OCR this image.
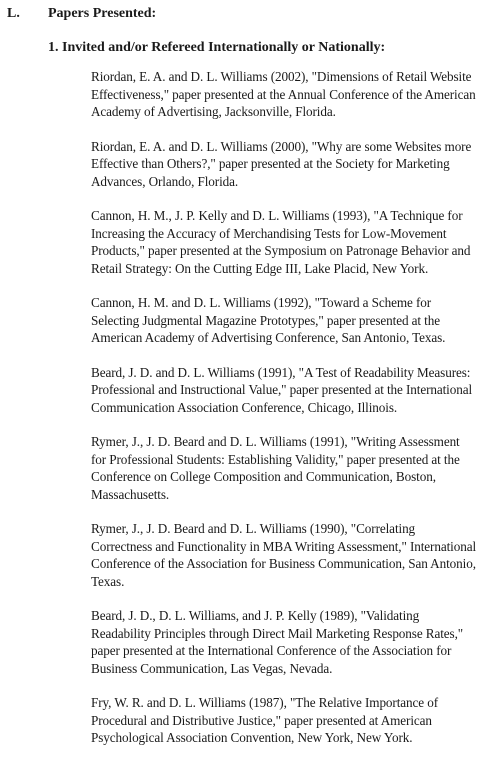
L. Papers Presented:
1. Invited and/or Refereed Internationally or Nationally:
Riordan, E. A. and D. L. Williams (2002), "Dimensions of Retail Website
Effectiveness," paper presented at the Annual Conference of the American
Academy of Advertising, Jacksonville, Florida.
Riordan, E. A. and D. L. Williams (2000), "Why are some Websites more
Effective than Others?," paper presented at the Society for Marketing
Advances, Orlando, Florida.
Cannon, H. M., J. P. Kelly and D. L. Williams (1993), "A Technique for
Increasing the Accuracy of Merchandising Tests for Low-Movement
Products," paper presented at the Symposium on Patronage Behavior and
Retail Strategy: On the Cutting Edge III, Lake Placid, New York.
Cannon, H. M. and D. L. Williams (1992), "Toward a Scheme for
Selecting Judgmental Magazine Prototypes," paper presented at the
American Academy of Advertising Conference, San Antonio, Texas.
Beard, J. D. and D. L. Williams (1991), "A Test of Readability Measures:
Professional and Instructional Value," paper presented at the International
Communication Association Conference, Chicago, Illinois.
Rymer, J., J. D. Beard and D. L. Williams (1991), "Writing Assessment
for Professional Students: Establishing Validity," paper presented at the
Conference on College Composition and Communication, Boston,
Massachusetts.
Rymer, J., J. D. Beard and D. L. Williams (1990), "Correlating
Correctness and Functionality in MBA Writing Assessment," International
Conference of the Association for Business Communication, San Antonio,
Texas.
Beard, J. D., D. L. Williams, and J. P. Kelly (1989), "Validating
Readability Principles through Direct Mail Marketing Response Rates,"
paper presented at the International Conference of the Association for
Business Communication, Las Vegas, Nevada.
Fry, W. R. and D. L. Williams (1987), "The Relative Importance of
Procedural and Distributive Justice," paper presented at American
Psychological Association Convention, New York, New York.
